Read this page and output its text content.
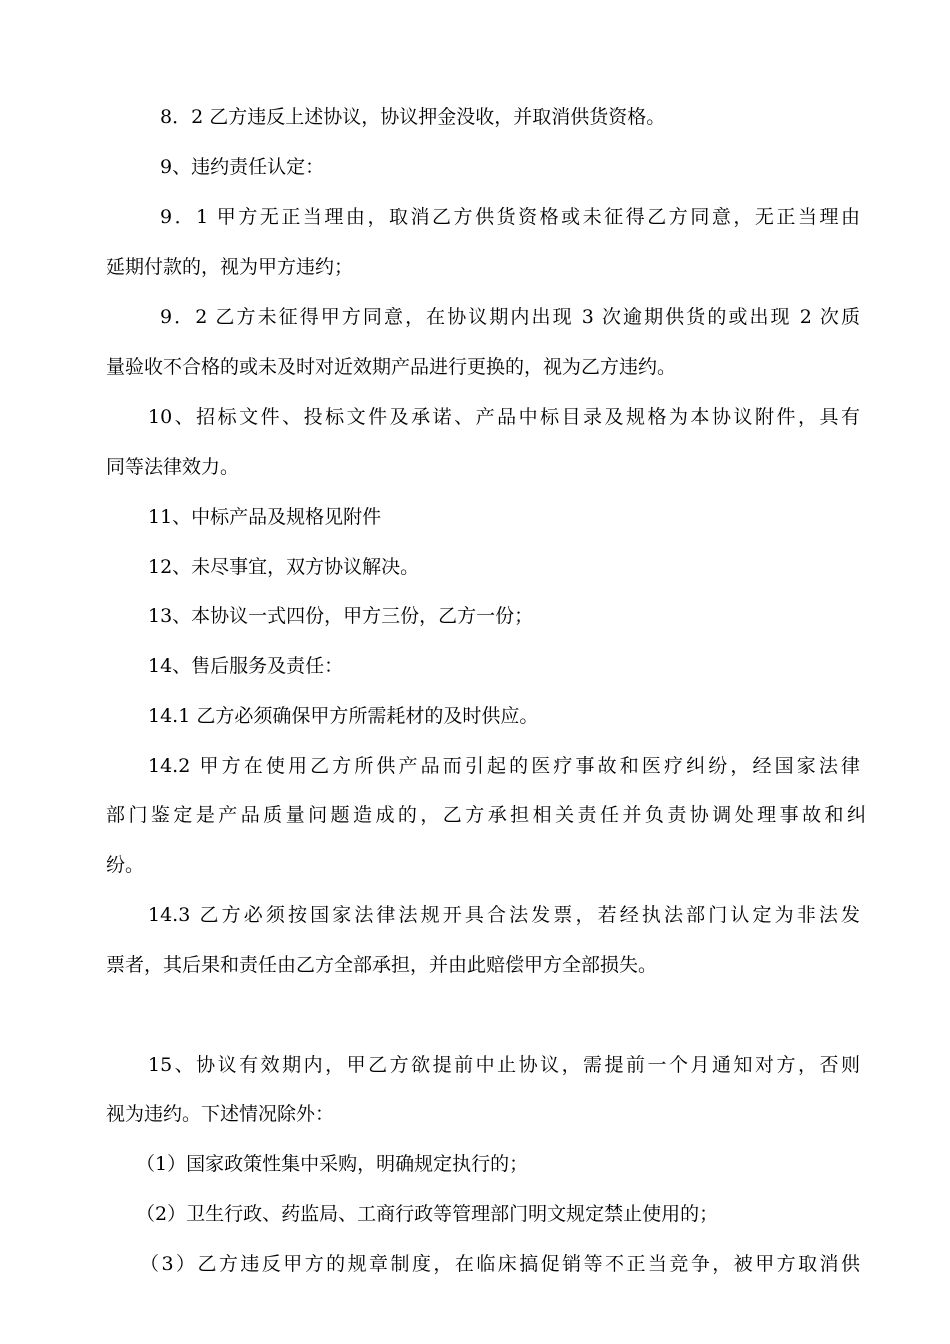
8．2 乙方违反上述协议，协议押金没收，并取消供货资格。
9、违约责任认定：
9．1 甲方无正当理由，取消乙方供货资格或未征得乙方同意，无正当理由
延期付款的，视为甲方违约；
9．2 乙方未征得甲方同意，在协议期内出现 3 次逾期供货的或出现 2 次质
量验收不合格的或未及时对近效期产品进行更换的，视为乙方违约。
10、招标文件、投标文件及承诺、产品中标目录及规格为本协议附件，具有
同等法律效力。
11、中标产品及规格见附件
12、未尽事宜，双方协议解决。
13、本协议一式四份，甲方三份，乙方一份；
14、售后服务及责任：
14.1 乙方必须确保甲方所需耗材的及时供应。
14.2 甲方在使用乙方所供产品而引起的医疗事故和医疗纠纷，经国家法律
部门鉴定是产品质量问题造成的，乙方承担相关责任并负责协调处理事故和纠
纷。
14.3 乙方必须按国家法律法规开具合法发票，若经执法部门认定为非法发
票者，其后果和责任由乙方全部承担，并由此赔偿甲方全部损失。
15、协议有效期内，甲乙方欲提前中止协议，需提前一个月通知对方，否则
视为违约。下述情况除外：
（1）国家政策性集中采购，明确规定执行的；
（2）卫生行政、药监局、工商行政等管理部门明文规定禁止使用的；
（3）乙方违反甲方的规章制度，在临床搞促销等不正当竞争，被甲方取消供
